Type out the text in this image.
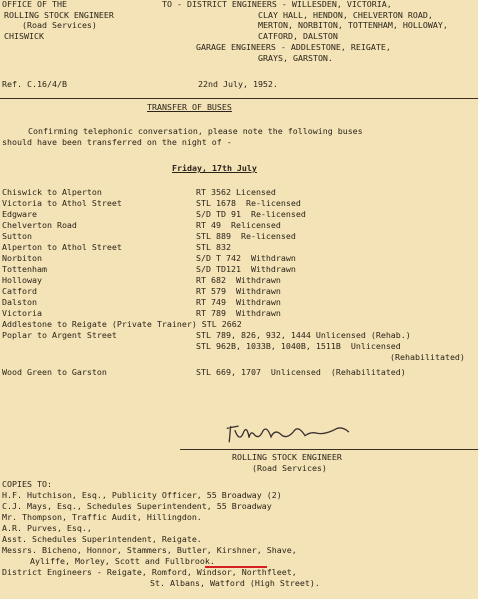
OFFICE OF THE
ROLLING STOCK ENGINEER
(Road Services)
CHISWICK
TO - DISTRICT ENGINEERS - WILLESDEN, VICTORIA,
CLAY HALL, HENDON, CHELVERTON ROAD,
MERTON, NORBITON, TOTTENHAM, HOLLOWAY,
CATFORD, DALSTON
GARAGE ENGINEERS - ADDLESTONE, REIGATE,
GRAYS, GARSTON.
Ref. C.16/4/B	22nd July, 1952.
TRANSFER OF BUSES
Confirming telephonic conversation, please note the following buses
should have been transferred on the night of -
Friday, 17th July
Chiswick to Alperton	RT 3562 Licensed
Victoria to Athol Street	STL 1678  Re-licensed
Edgware	S/D TD 91  Re-licensed
Chelverton Road	RT 49  Relicensed
Sutton	STL 889  Re-licensed
Alperton to Athol Street	STL 832
Norbiton	S/D T 742  Withdrawn
Tottenham	S/D TD121  Withdrawn
Holloway	RT 682  Withdrawn
Catford	RT 579  Withdrawn
Dalston	RT 749  Withdrawn
Victoria	RT 789  Withdrawn
Addlestone to Reigate (Private Trainer) STL 2662
Poplar to Argent Street	STL 789, 826, 932, 1444 Unlicensed (Rehab.)
STL 962B, 1033B, 1040B, 1511B  Unlicensed
(Rehabilitated)
Wood Green to Garston	STL 669, 1707  Unlicensed  (Rehabilitated)
ROLLING STOCK ENGINEER
(Road Services)
COPIES TO:
H.F. Hutchison, Esq., Publicity Officer, 55 Broadway (2)
C.J. Mays, Esq., Schedules Superintendent, 55 Broadway
Mr. Thompson, Traffic Audit, Hillingdon.
A.R. Purves, Esq.,
Asst. Schedules Superintendent, Reigate.
Messrs. Bicheno, Honnor, Stammers, Butler, Kirshner, Shave,
Ayliffe, Morley, Scott and Fullbrook.
District Engineers - Reigate, Romford, Windsor, Northfleet,
St. Albans, Watford (High Street).
